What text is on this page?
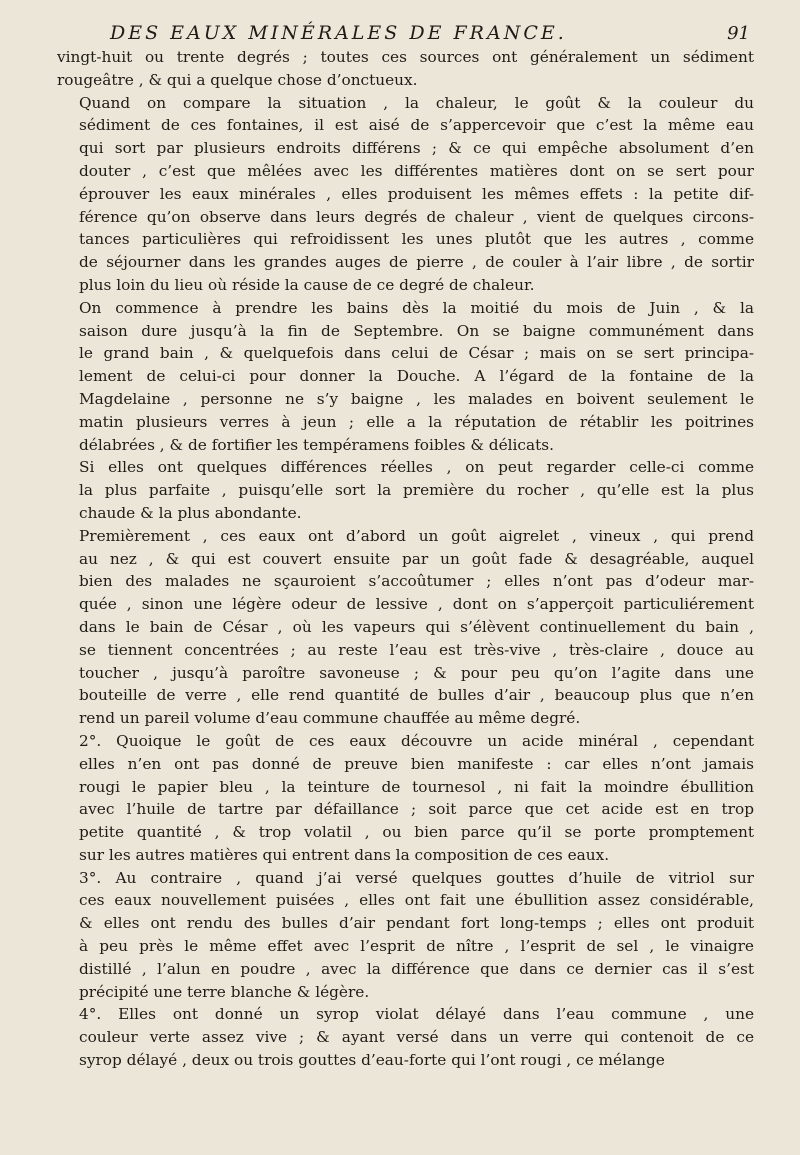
DES EAUX MINÉRALES DE FRANCE.	91

vingt-huit ou trente degrés ; toutes ces sources ont généralement un sédiment
rougeâtre , & qui a quelque chose d’onctueux.

Quand on compare la situation , la chaleur, le goût & la couleur du
sédiment de ces fontaines, il est aisé de s’appercevoir que c’est la même eau
qui sort par plusieurs endroits différens ; & ce qui empêche absolument d’en
douter , c’est que mêlées avec les différentes matières dont on se sert pour
éprouver les eaux minérales , elles produisent les mêmes effets : la petite dif-
férence qu’on observe dans leurs degrés de chaleur , vient de quelques circons-
tances particulières qui refroidissent les unes plutôt que les autres , comme
de séjourner dans les grandes auges de pierre , de couler à l’air libre , de sortir
plus loin du lieu où réside la cause de ce degré de chaleur.

On commence à prendre les bains dès la moitié du mois de Juin , & la
saison dure jusqu’à la fin de Septembre. On se baigne communément dans
le grand bain , & quelquefois dans celui de César ; mais on se sert principa-
lement de celui-ci pour donner la Douche. A l’égard de la fontaine de la
Magdelaine , personne ne s’y baigne , les malades en boivent seulement le
matin plusieurs verres à jeun ; elle a la réputation de rétablir les poitrines
délabrées , & de fortifier les tempéramens foibles & délicats.

Si elles ont quelques différences réelles , on peut regarder celle-ci comme
la plus parfaite , puisqu’elle sort la première du rocher , qu’elle est la plus
chaude & la plus abondante.

Premièrement , ces eaux ont d’abord un goût aigrelet , vineux , qui prend
au nez , & qui est couvert ensuite par un goût fade & desagréable, auquel
bien des malades ne sçauroient s’accoûtumer ; elles n’ont pas d’odeur mar-
quée , sinon une légère odeur de lessive , dont on s’apperçoit particuliérement
dans le bain de César , où les vapeurs qui s’élèvent continuellement du bain ,
se tiennent concentrées ; au reste l’eau est très-vive , très-claire , douce au
toucher , jusqu’à paroître savoneuse ; & pour peu qu’on l’agite dans une
bouteille de verre , elle rend quantité de bulles d’air , beaucoup plus que n’en
rend un pareil volume d’eau commune chauffée au même degré.

2°. Quoique le goût de ces eaux découvre un acide minéral , cependant
elles n’en ont pas donné de preuve bien manifeste : car elles n’ont jamais
rougi le papier bleu , la teinture de tournesol , ni fait la moindre ébullition
avec l’huile de tartre par défaillance ; soit parce que cet acide est en trop
petite quantité , & trop volatil , ou bien parce qu’il se porte promptement
sur les autres matières qui entrent dans la composition de ces eaux.

3°. Au contraire , quand j’ai versé quelques gouttes d’huile de vitriol sur
ces eaux nouvellement puisées , elles ont fait une ébullition assez considérable,
& elles ont rendu des bulles d’air pendant fort long-temps ; elles ont produit
à peu près le même effet avec l’esprit de nître , l’esprit de sel , le vinaigre
distillé , l’alun en poudre , avec la différence que dans ce dernier cas il s’est
précipité une terre blanche & légère.

4°. Elles ont donné un syrop violat délayé dans l’eau commune , une
couleur verte assez vive ; & ayant versé dans un verre qui contenoit de ce
syrop délayé , deux ou trois gouttes d’eau-forte qui l’ont rougi , ce mélange
